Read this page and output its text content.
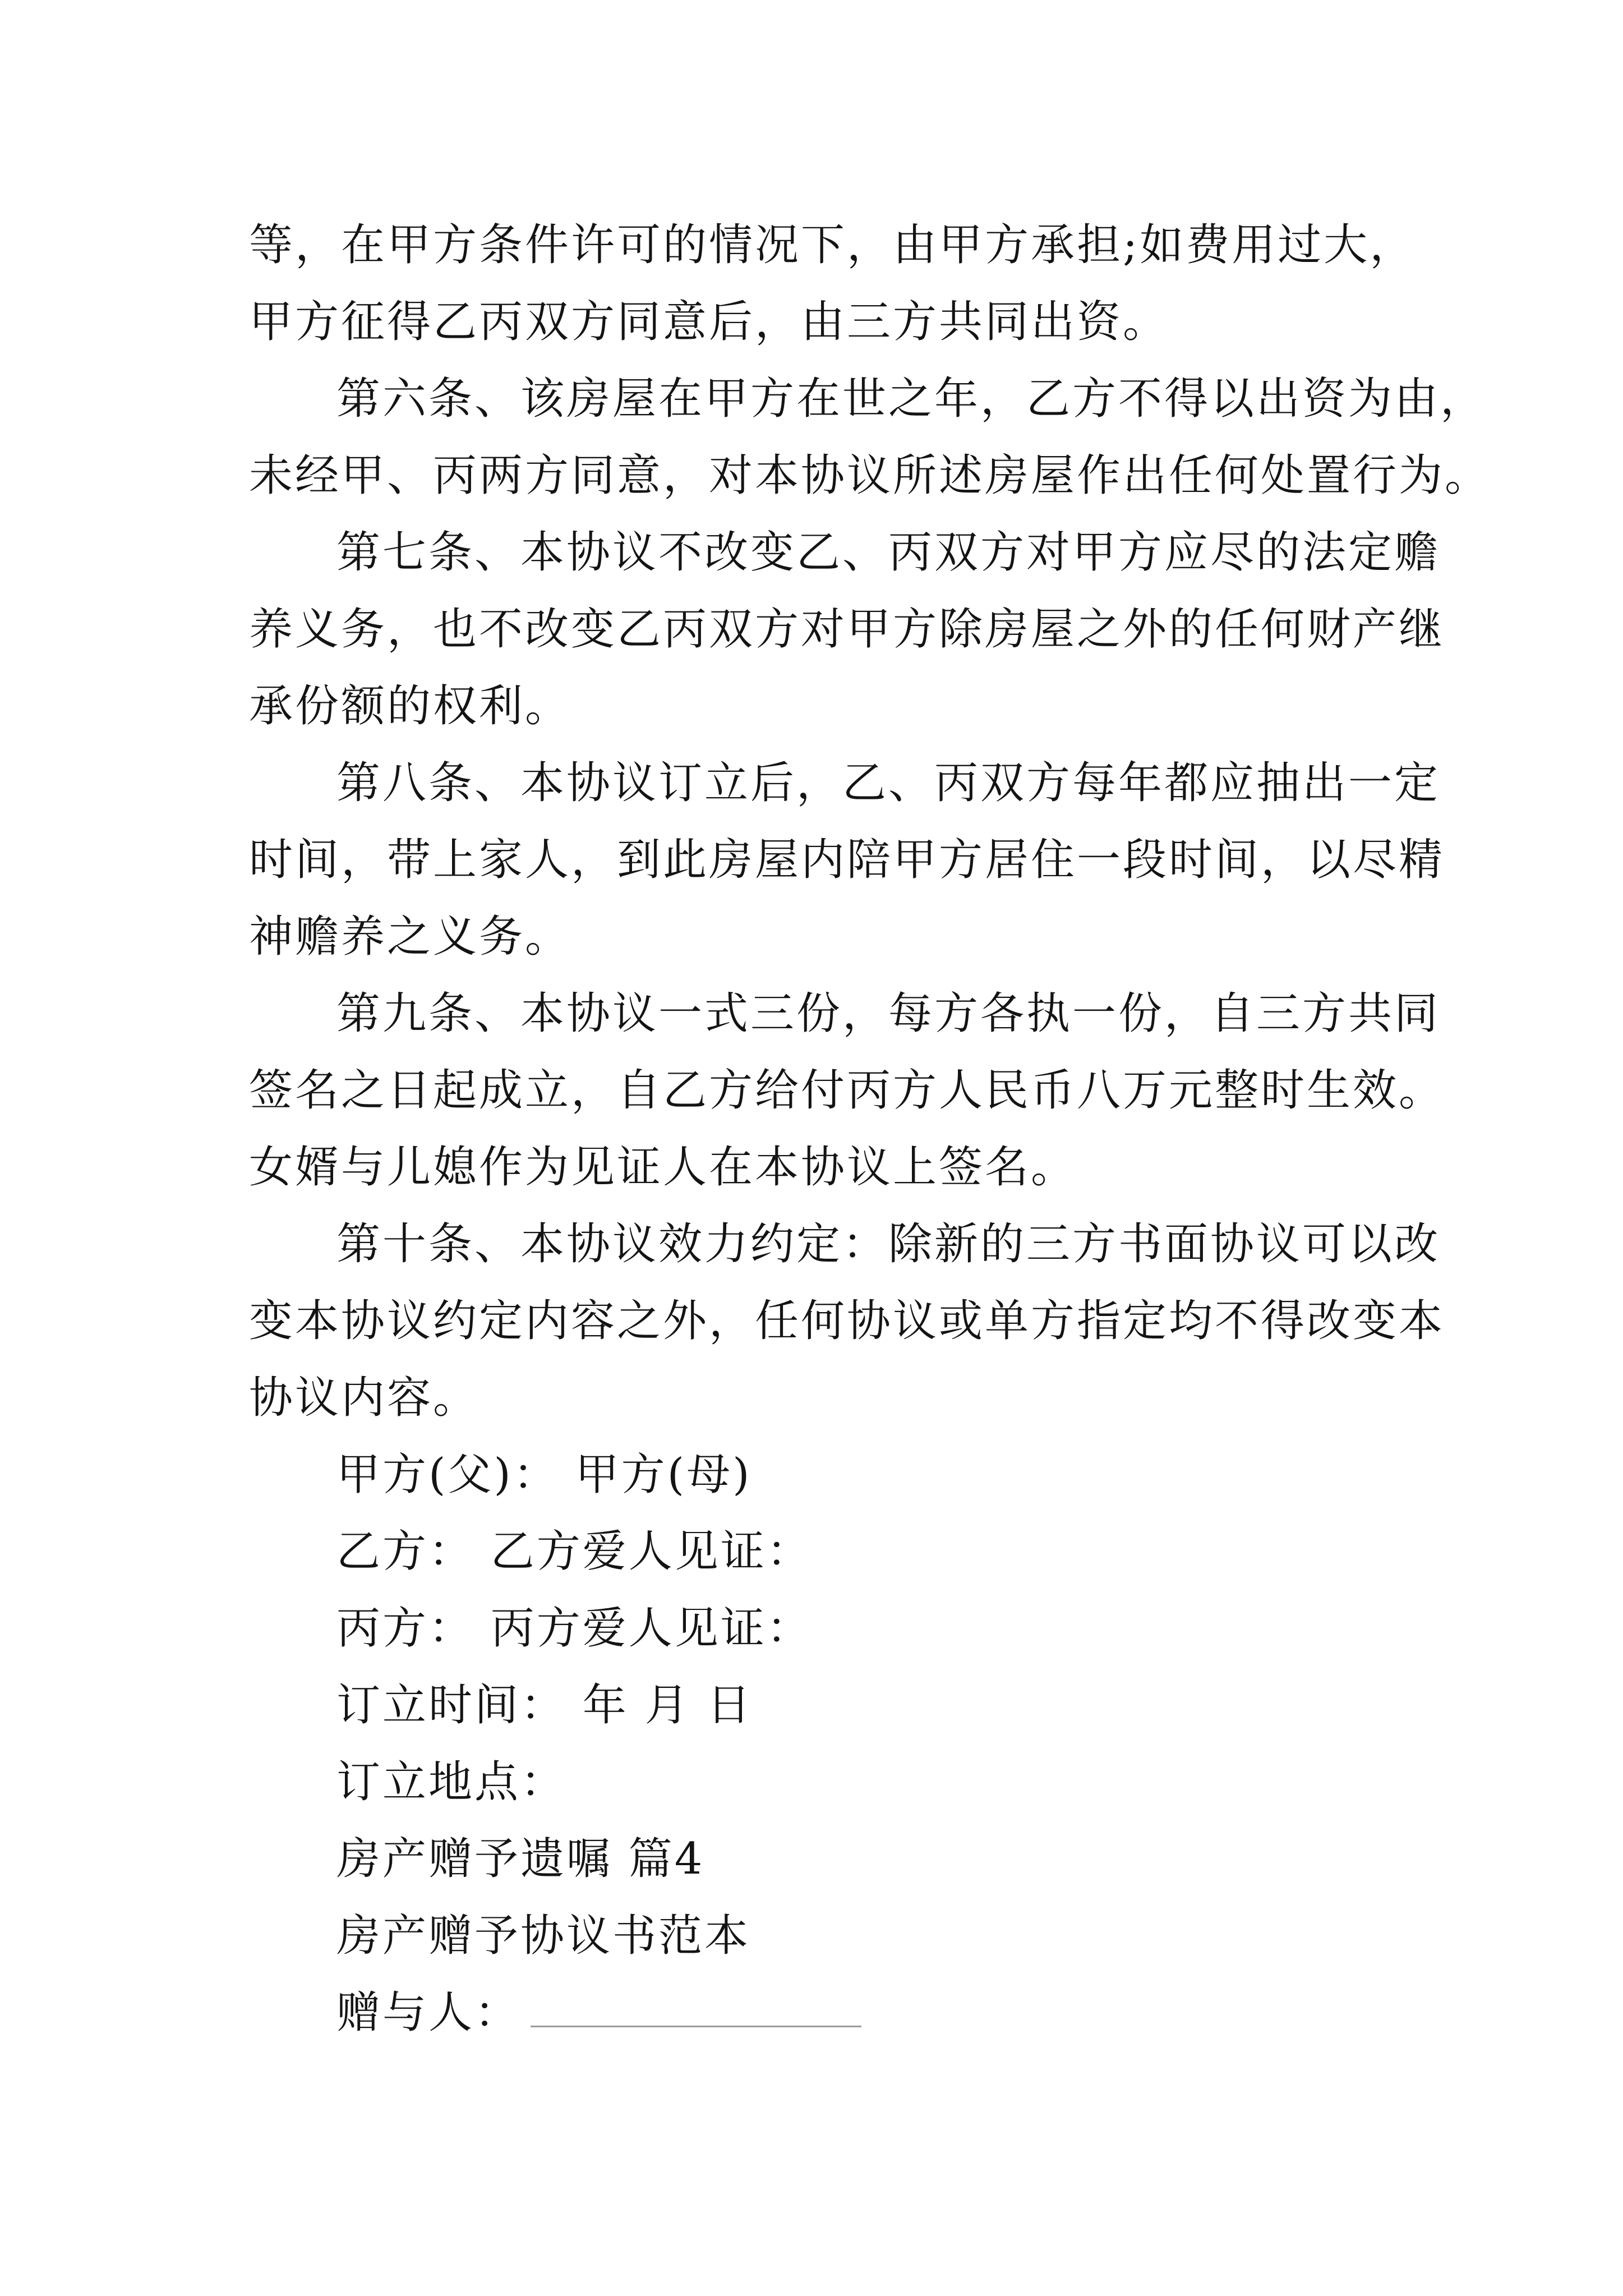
等，在甲方条件许可的情况下，由甲方承担;如费用过大，
甲方征得乙丙双方同意后，由三方共同出资。
第六条、该房屋在甲方在世之年，乙方不得以出资为由，
未经甲、丙两方同意，对本协议所述房屋作出任何处置行为。
第七条、本协议不改变乙、丙双方对甲方应尽的法定赡
养义务，也不改变乙丙双方对甲方除房屋之外的任何财产继
承份额的权利。
第八条、本协议订立后，乙、丙双方每年都应抽出一定
时间，带上家人，到此房屋内陪甲方居住一段时间，以尽精
神赡养之义务。
第九条、本协议一式三份，每方各执一份，自三方共同
签名之日起成立，自乙方给付丙方人民币八万元整时生效。
女婿与儿媳作为见证人在本协议上签名。
第十条、本协议效力约定：除新的三方书面协议可以改
变本协议约定内容之外，任何协议或单方指定均不得改变本
协议内容。
甲方(父)： 甲方(母)
乙方： 乙方爱人见证：
丙方： 丙方爱人见证：
订立时间： 年 月 日
订立地点：
房产赠予遗嘱 篇4
房产赠予协议书范本
赠与人：
